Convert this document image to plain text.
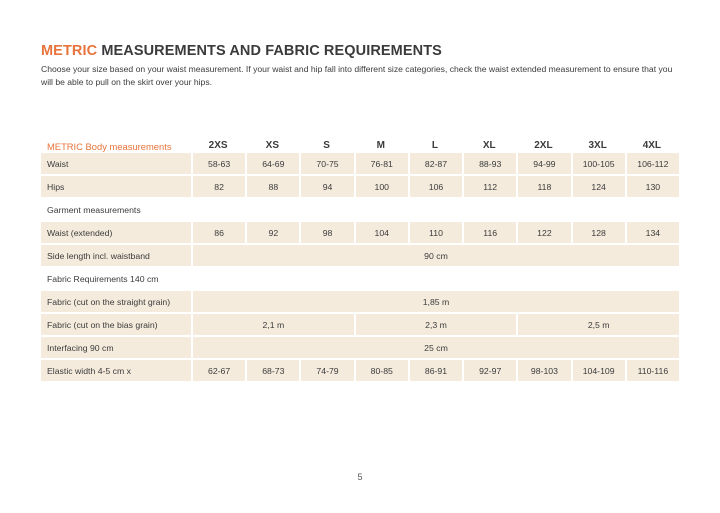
METRIC MEASUREMENTS AND FABRIC REQUIREMENTS

Choose your size based on your waist measurement. If your waist and hip fall into different size categories, check the waist extended measurement to ensure that you will be able to pull on the skirt over your hips.

METRIC Body measurements	2XS	XS	S	M	L	XL	2XL	3XL	4XL
Waist	58-63	64-69	70-75	76-81	82-87	88-93	94-99	100-105	106-112
Hips	82	88	94	100	106	112	118	124	130
Garment measurements
Waist (extended)	86	92	98	104	110	116	122	128	134
Side length incl. waistband	90 cm
Fabric Requirements 140 cm
Fabric (cut on the straight grain)	1,85 m
Fabric (cut on the bias grain)	2,1 m	2,3 m	2,5 m
Interfacing 90 cm	25 cm
Elastic width 4-5 cm x	62-67	68-73	74-79	80-85	86-91	92-97	98-103	104-109	110-116
5
